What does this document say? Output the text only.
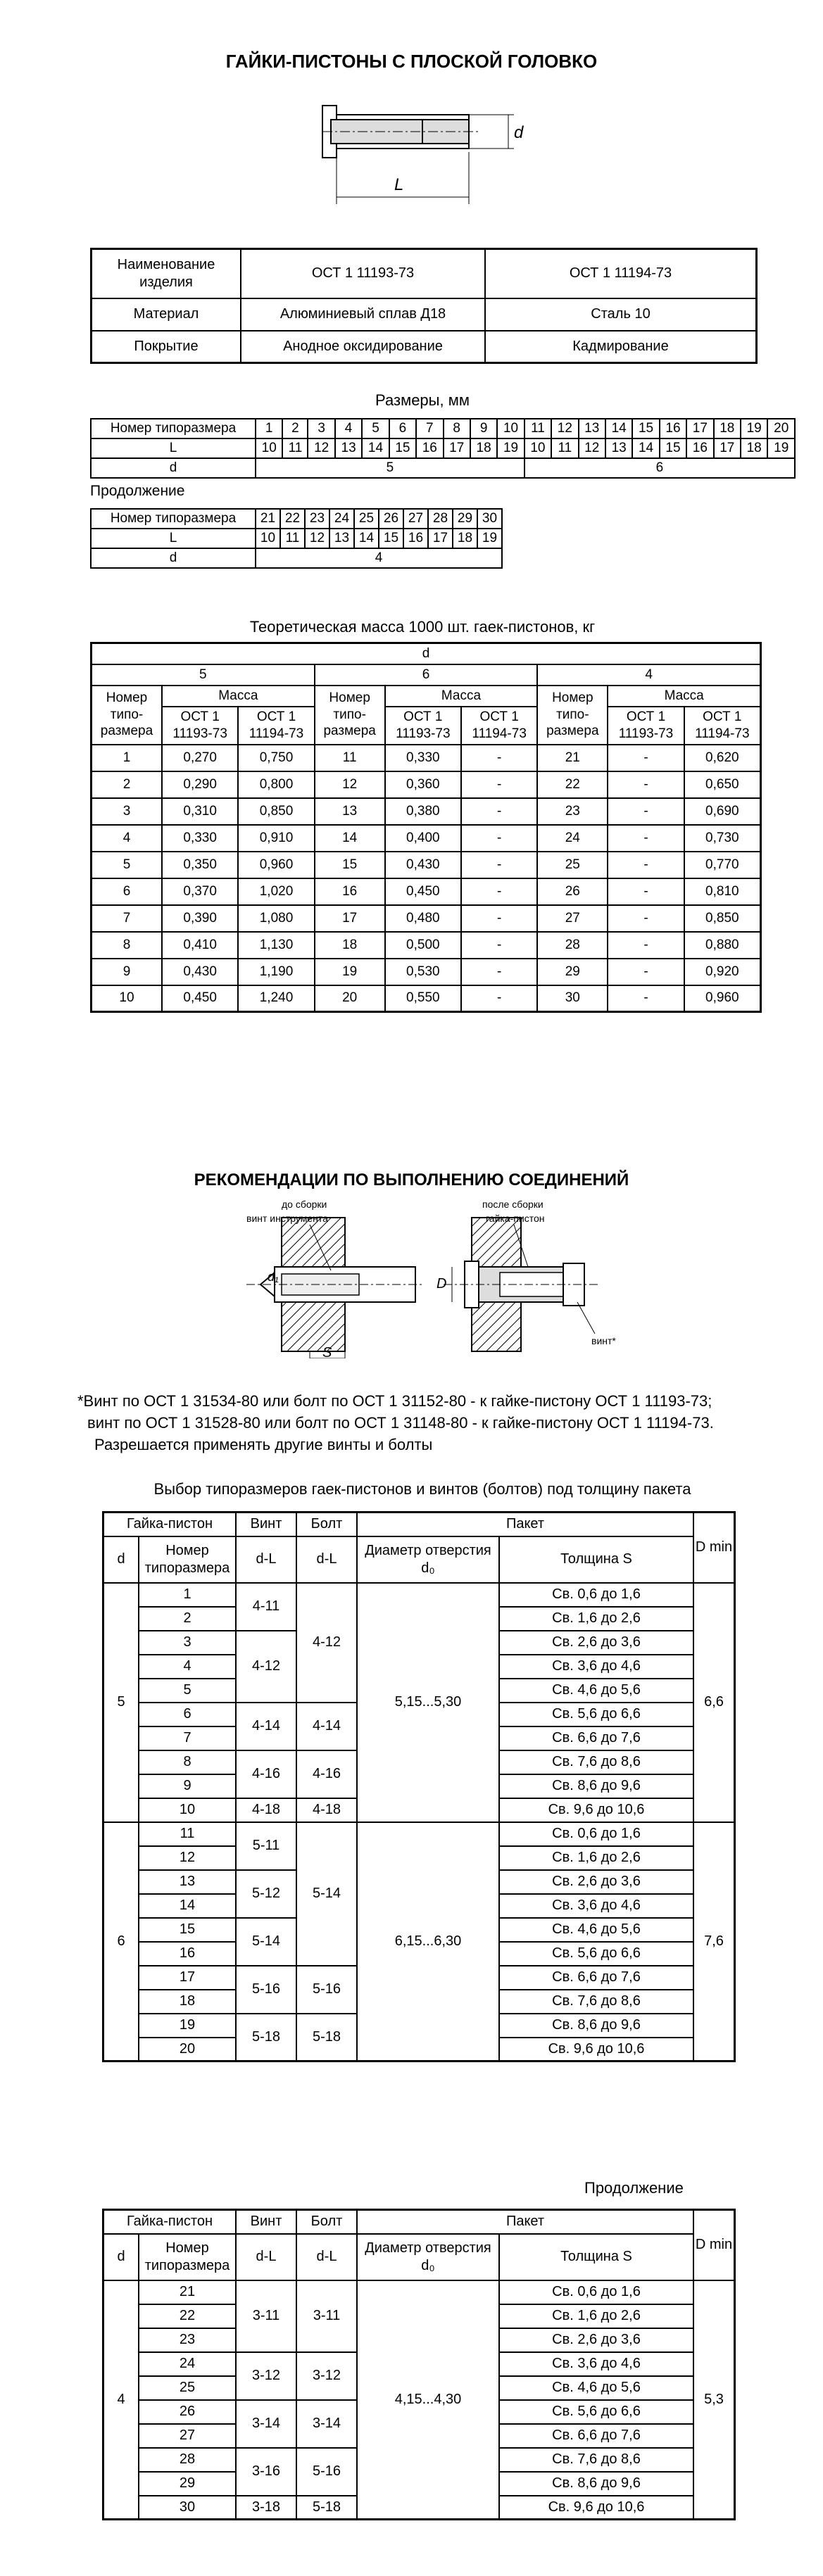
ГАЙКИ-ПИСТОНЫ С ПЛОСКОЙ ГОЛОВКО
L
d
Наименование изделия	ОСТ 1 11193-73	ОСТ 1 11194-73
Материал	Алюминиевый сплав Д18	Сталь 10
Покрытие	Анодное оксидирование	Кадмирование
Размеры, мм
Номер типоразмера	1	2	3	4	5	6	7	8	9	10	11	12	13	14	15	16	17	18	19	20
L	10	11	12	13	14	15	16	17	18	19	10	11	12	13	14	15	16	17	18	19
d	5										6									
Продолжение
Номер типоразмера	21	22	23	24	25	26	27	28	29	30
L	10	11	12	13	14	15	16	17	18	19
d	4									
Теоретическая масса 1000 шт. гаек-пистонов, кг
d								
5			6			4		
Номер типо-размера	Масса		Номер типо-размера	Масса		Номер типо-размера	Масса	
	ОСТ 1 11193-73	ОСТ 1 11194-73		ОСТ 1 11193-73	ОСТ 1 11194-73		ОСТ 1 11193-73	ОСТ 1 11194-73
1	0,270	0,750	11	0,330	-	21	-	0,620
2	0,290	0,800	12	0,360	-	22	-	0,650
3	0,310	0,850	13	0,380	-	23	-	0,690
4	0,330	0,910	14	0,400	-	24	-	0,730
5	0,350	0,960	15	0,430	-	25	-	0,770
6	0,370	1,020	16	0,450	-	26	-	0,810
7	0,390	1,080	17	0,480	-	27	-	0,850
8	0,410	1,130	18	0,500	-	28	-	0,880
9	0,430	1,190	19	0,530	-	29	-	0,920
10	0,450	1,240	20	0,550	-	30	-	0,960
РЕКОМЕНДАЦИИ ПО ВЫПОЛНЕНИЮ СОЕДИНЕНИЙ
S
d₁
до сборки
винт инструмента
D
после сборки
гайка-пистон
винт*
*Винт по ОСТ 1 31534-80 или болт по ОСТ 1 31152-80 - к гайке-пистону ОСТ 1 11193-73;
винт по ОСТ 1 31528-80 или болт по ОСТ 1 31148-80 - к гайке-пистону ОСТ 1 11194-73.
Разрешается применять другие винты и болты
Выбор типоразмеров гаек-пистонов и винтов (болтов) под толщину пакета
Гайка-пистон		Винт	Болт	Пакет		D min
d	Номер типоразмера	d-L	d-L	Диаметр отверстия d₀	Толщина S	
5	1	4-11	4-12	5,15...5,30	Св. 0,6 до 1,6	6,6
	2				Св. 1,6 до 2,6	
	3	4-12			Св. 2,6 до 3,6	
	4				Св. 3,6 до 4,6	
	5				Св. 4,6 до 5,6	
	6	4-14	4-14		Св. 5,6 до 6,6	
	7				Св. 6,6 до 7,6	
	8	4-16	4-16		Св. 7,6 до 8,6	
	9				Св. 8,6 до 9,6	
	10	4-18	4-18		Св. 9,6 до 10,6	
6	11	5-11	5-14	6,15...6,30	Св. 0,6 до 1,6	7,6
	12				Св. 1,6 до 2,6	
	13	5-12			Св. 2,6 до 3,6	
	14				Св. 3,6 до 4,6	
	15	5-14			Св. 4,6 до 5,6	
	16				Св. 5,6 до 6,6	
	17	5-16	5-16		Св. 6,6 до 7,6	
	18				Св. 7,6 до 8,6	
	19	5-18	5-18		Св. 8,6 до 9,6	
	20				Св. 9,6 до 10,6	
Продолжение
Гайка-пистон		Винт	Болт	Пакет		D min
d	Номер типоразмера	d-L	d-L	Диаметр отверстия d₀	Толщина S	
4	21	3-11	3-11	4,15...4,30	Св. 0,6 до 1,6	5,3
	22				Св. 1,6 до 2,6	
	23				Св. 2,6 до 3,6	
	24	3-12	3-12		Св. 3,6 до 4,6	
	25				Св. 4,6 до 5,6	
	26	3-14	3-14		Св. 5,6 до 6,6	
	27				Св. 6,6 до 7,6	
	28	3-16	5-16		Св. 7,6 до 8,6	
	29				Св. 8,6 до 9,6	
	30	3-18	5-18		Св. 9,6 до 10,6	
